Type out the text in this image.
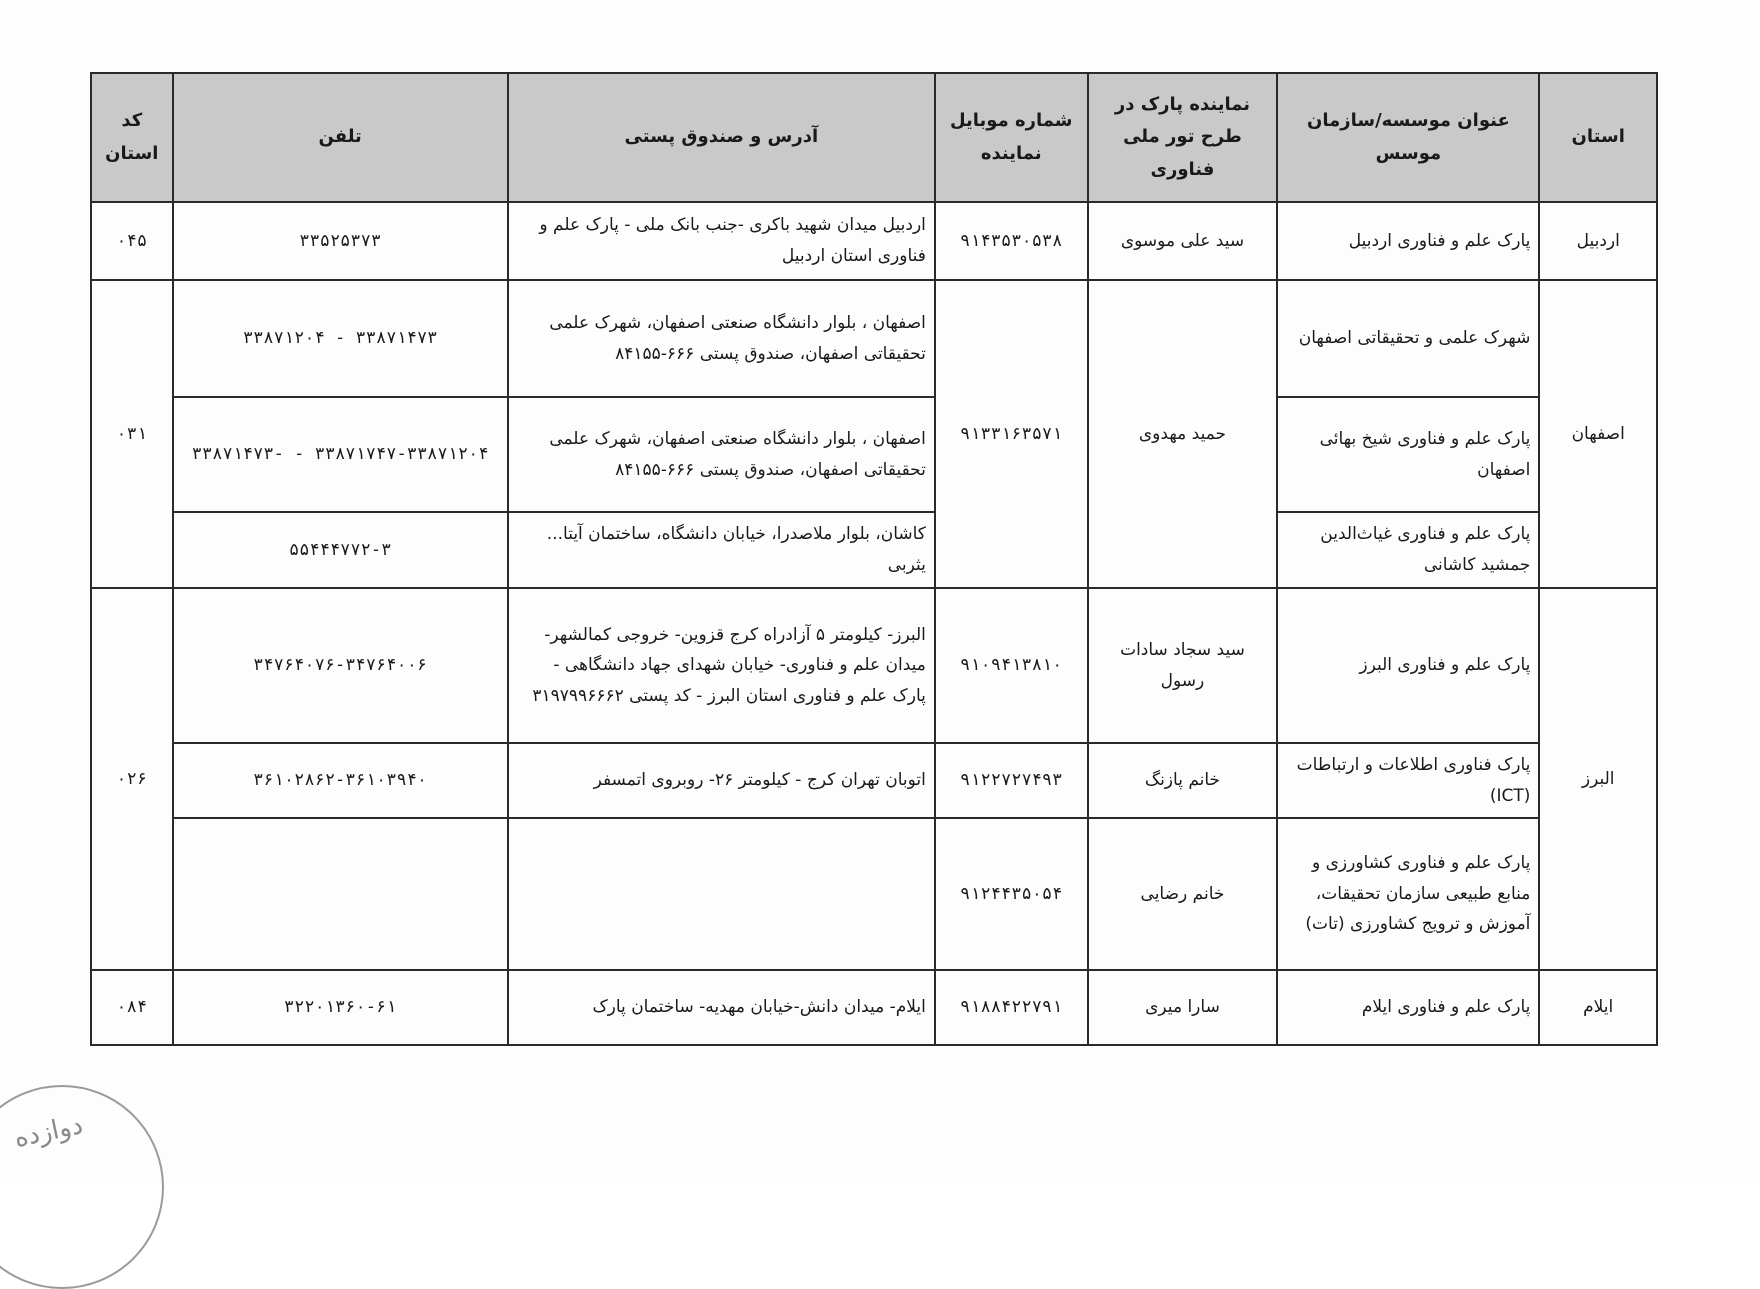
استان	عنوان موسسه/سازمان موسس	نماینده پارک در طرح تور ملی فناوری	شماره موبایل نماینده	آدرس و صندوق پستی	تلفن	کد استان
اردبیل	پارک علم و فناوری اردبیل	سید علی موسوی	۹۱۴۳۵۳۰۵۳۸	اردبیل میدان شهید باکری -جنب بانک ملی - پارک علم و فناوری استان اردبیل	۳۳۵۲۵۳۷۳	۰۴۵
اصفهان	شهرک علمی و تحقیقاتی اصفهان	حمید مهدوی	۹۱۳۳۱۶۳۵۷۱	اصفهان ، بلوار دانشگاه صنعتی اصفهان، شهرک علمی تحقیقاتی اصفهان، صندوق پستی ۶۶۶-۸۴۱۵۵	۳۳۸۷۱۴۷۳ - ۳۳۸۷۱۲۰۴	۰۳۱
	پارک علم و فناوری شیخ بهائی اصفهان			اصفهان ، بلوار دانشگاه صنعتی اصفهان، شهرک علمی تحقیقاتی اصفهان، صندوق پستی ۶۶۶-۸۴۱۵۵	۳۳۸۷۱۷۴۷-۳۳۸۷۱۲۰۴ - -۳۳۸۷۱۴۷۳	
	پارک علم و فناوری غیاث‌الدین جمشید کاشانی			کاشان، بلوار ملاصدرا، خیابان دانشگاه، ساختمان آیتا... یثربی	۵۵۴۴۴۷۷۲-۳	
البرز	پارک علم و فناوری البرز	سید سجاد سادات رسول	۹۱۰۹۴۱۳۸۱۰	البرز- کیلومتر ۵ آزادراه کرج قزوین- خروجی کمالشهر- میدان علم و فناوری- خیابان شهدای جهاد دانشگاهی - پارک علم و فناوری استان البرز - کد پستی ۳۱۹۷۹۹۶۶۶۲	۳۴۷۶۴۰۷۶-۳۴۷۶۴۰۰۶	۰۲۶
	پارک فناوری اطلاعات و ارتباطات (ICT)	خانم پازنگ	۹۱۲۲۷۲۷۴۹۳	اتوبان تهران کرج - کیلومتر ۲۶- روبروی اتمسفر	۳۶۱۰۲۸۶۲-۳۶۱۰۳۹۴۰	
	پارک علم و فناوری کشاورزی و منابع طبیعی سازمان تحقیقات، آموزش و ترویج کشاورزی (تات)	خانم رضایی	۹۱۲۴۴۳۵۰۵۴			
ایلام	پارک علم و فناوری ایلام	سارا میری	۹۱۸۸۴۲۲۷۹۱	ایلام- میدان دانش-خیابان مهدیه- ساختمان پارک	۳۲۲۰۱۳۶۰-۶۱	۰۸۴
دوازده
